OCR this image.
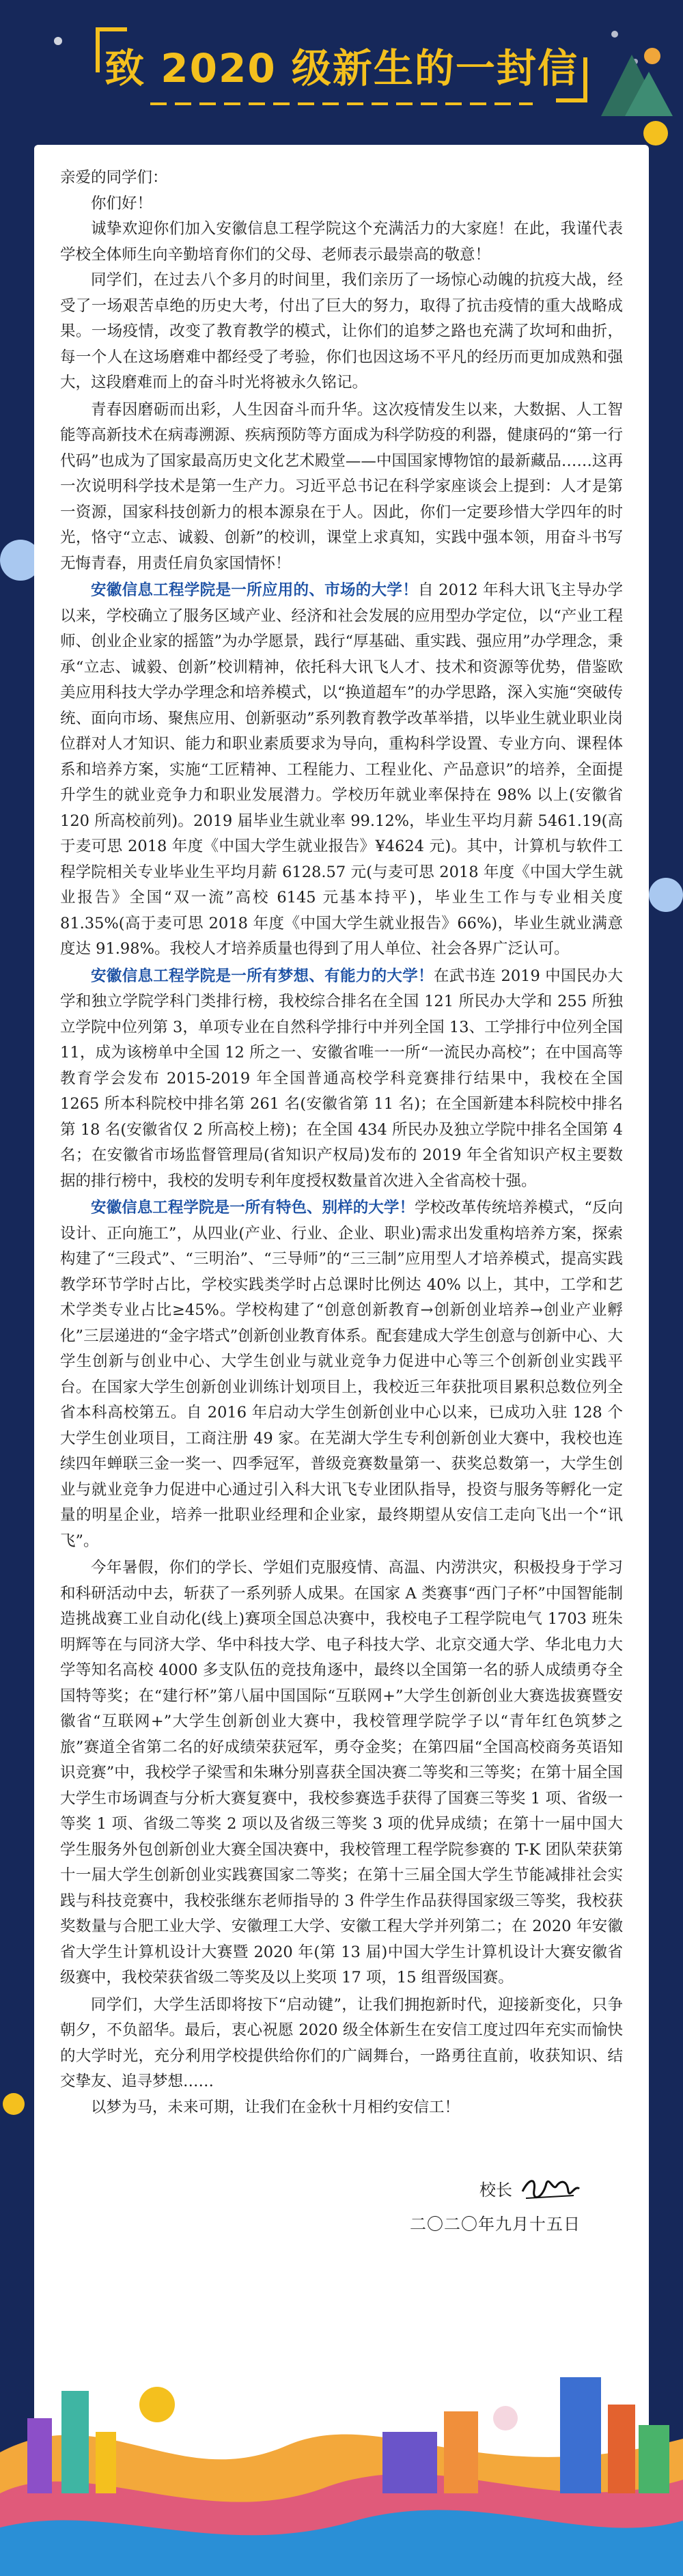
致 2020 级新生的一封信

亲爱的同学们：

你们好！

诚挚欢迎你们加入安徽信息工程学院这个充满活力的大家庭！在此，我谨代表学校全体师生向辛勤培育你们的父母、老师表示最崇高的敬意！

同学们，在过去八个多月的时间里，我们亲历了一场惊心动魄的抗疫大战，经受了一场艰苦卓绝的历史大考，付出了巨大的努力，取得了抗击疫情的重大战略成果。一场疫情，改变了教育教学的模式，让你们的追梦之路也充满了坎坷和曲折，每一个人在这场磨难中都经受了考验，你们也因这场不平凡的经历而更加成熟和强大，这段磨难而上的奋斗时光将被永久铭记。

青春因磨砺而出彩，人生因奋斗而升华。这次疫情发生以来，大数据、人工智能等高新技术在病毒溯源、疾病预防等方面成为科学防疫的利器，健康码的“第一行代码”也成为了国家最高历史文化艺术殿堂——中国国家博物馆的最新藏品……这再一次说明科学技术是第一生产力。习近平总书记在科学家座谈会上提到：人才是第一资源，国家科技创新力的根本源泉在于人。因此，你们一定要珍惜大学四年的时光，恪守“立志、诚毅、创新”的校训，课堂上求真知，实践中强本领，用奋斗书写无悔青春，用责任肩负家国情怀！

安徽信息工程学院是一所应用的、市场的大学！自 2012 年科大讯飞主导办学以来，学校确立了服务区域产业、经济和社会发展的应用型办学定位，以“产业工程师、创业企业家的摇篮”为办学愿景，践行“厚基础、重实践、强应用”办学理念，秉承“立志、诚毅、创新”校训精神，依托科大讯飞人才、技术和资源等优势，借鉴欧美应用科技大学办学理念和培养模式，以“换道超车”的办学思路，深入实施“突破传统、面向市场、聚焦应用、创新驱动”系列教育教学改革举措，以毕业生就业职业岗位群对人才知识、能力和职业素质要求为导向，重构科学设置、专业方向、课程体系和培养方案，实施“工匠精神、工程能力、工程业化、产品意识”的培养，全面提升学生的就业竞争力和职业发展潜力。学校历年就业率保持在 98% 以上(安徽省 120 所高校前列)。2019 届毕业生就业率 99.12%，毕业生平均月薪 5461.19(高于麦可思 2018 年度《中国大学生就业报告》¥4624 元)。其中，计算机与软件工程学院相关专业毕业生平均月薪 6128.57 元(与麦可思 2018 年度《中国大学生就业报告》全国“双一流”高校 6145 元基本持平)，毕业生工作与专业相关度 81.35%(高于麦可思 2018 年度《中国大学生就业报告》66%)，毕业生就业满意度达 91.98%。我校人才培养质量也得到了用人单位、社会各界广泛认可。

安徽信息工程学院是一所有梦想、有能力的大学！在武书连 2019 中国民办大学和独立学院学科门类排行榜，我校综合排名在全国 121 所民办大学和 255 所独立学院中位列第 3，单项专业在自然科学排行中并列全国 13、工学排行中位列全国 11，成为该榜单中全国 12 所之一、安徽省唯一一所“一流民办高校”；在中国高等教育学会发布 2015-2019 年全国普通高校学科竞赛排行结果中，我校在全国 1265 所本科院校中排名第 261 名(安徽省第 11 名)；在全国新建本科院校中排名第 18 名(安徽省仅 2 所高校上榜)；在全国 434 所民办及独立学院中排名全国第 4 名；在安徽省市场监督管理局(省知识产权局)发布的 2019 年全省知识产权主要数据的排行榜中，我校的发明专利年度授权数量首次进入全省高校十强。

安徽信息工程学院是一所有特色、别样的大学！学校改革传统培养模式，“反向设计、正向施工”，从四业(产业、行业、企业、职业)需求出发重构培养方案，探索构建了“三段式”、“三明治”、“三导师”的“三三制”应用型人才培养模式，提高实践教学环节学时占比，学校实践类学时占总课时比例达 40% 以上，其中，工学和艺术学类专业占比≥45%。学校构建了“创意创新教育→创新创业培养→创业产业孵化”三层递进的“金字塔式”创新创业教育体系。配套建成大学生创意与创新中心、大学生创新与创业中心、大学生创业与就业竞争力促进中心等三个创新创业实践平台。在国家大学生创新创业训练计划项目上，我校近三年获批项目累积总数位列全省本科高校第五。自 2016 年启动大学生创新创业中心以来，已成功入驻 128 个大学生创业项目，工商注册 49 家。在芜湖大学生专利创新创业大赛中，我校也连续四年蝉联三金一奖一、四季冠军，普级竞赛数量第一、获奖总数第一，大学生创业与就业竞争力促进中心通过引入科大讯飞专业团队指导，投资与服务等孵化一定量的明星企业，培养一批职业经理和企业家，最终期望从安信工走向飞出一个“讯飞”。

今年暑假，你们的学长、学姐们克服疫情、高温、内涝洪灾，积极投身于学习和科研活动中去，斩获了一系列骄人成果。在国家 A 类赛事“西门子杯”中国智能制造挑战赛工业自动化(线上)赛项全国总决赛中，我校电子工程学院电气 1703 班朱明辉等在与同济大学、华中科技大学、电子科技大学、北京交通大学、华北电力大学等知名高校 4000 多支队伍的竞技角逐中，最终以全国第一名的骄人成绩勇夺全国特等奖；在“建行杯”第八届中国国际“互联网+”大学生创新创业大赛选拔赛暨安徽省“互联网+”大学生创新创业大赛中，我校管理学院学子以“青年红色筑梦之旅”赛道全省第二名的好成绩荣获冠军，勇夺金奖；在第四届“全国高校商务英语知识竞赛”中，我校学子梁雪和朱琳分别喜获全国决赛二等奖和三等奖；在第十届全国大学生市场调查与分析大赛复赛中，我校参赛选手获得了国赛三等奖 1 项、省级一等奖 1 项、省级二等奖 2 项以及省级三等奖 3 项的优异成绩；在第十一届中国大学生服务外包创新创业大赛全国决赛中，我校管理工程学院参赛的 T-K 团队荣获第十一届大学生创新创业实践赛国家二等奖；在第十三届全国大学生节能减排社会实践与科技竞赛中，我校张继东老师指导的 3 件学生作品获得国家级三等奖，我校获奖数量与合肥工业大学、安徽理工大学、安徽工程大学并列第二；在 2020 年安徽省大学生计算机设计大赛暨 2020 年(第 13 届)中国大学生计算机设计大赛安徽省级赛中，我校荣获省级二等奖及以上奖项 17 项，15 组晋级国赛。

同学们，大学生活即将按下“启动键”，让我们拥抱新时代，迎接新变化，只争朝夕，不负韶华。最后，衷心祝愿 2020 级全体新生在安信工度过四年充实而愉快的大学时光，充分利用学校提供给你们的广阔舞台，一路勇往直前，收获知识、结交挚友、追寻梦想……

以梦为马，未来可期，让我们在金秋十月相约安信工！

校长
二〇二〇年九月十五日
